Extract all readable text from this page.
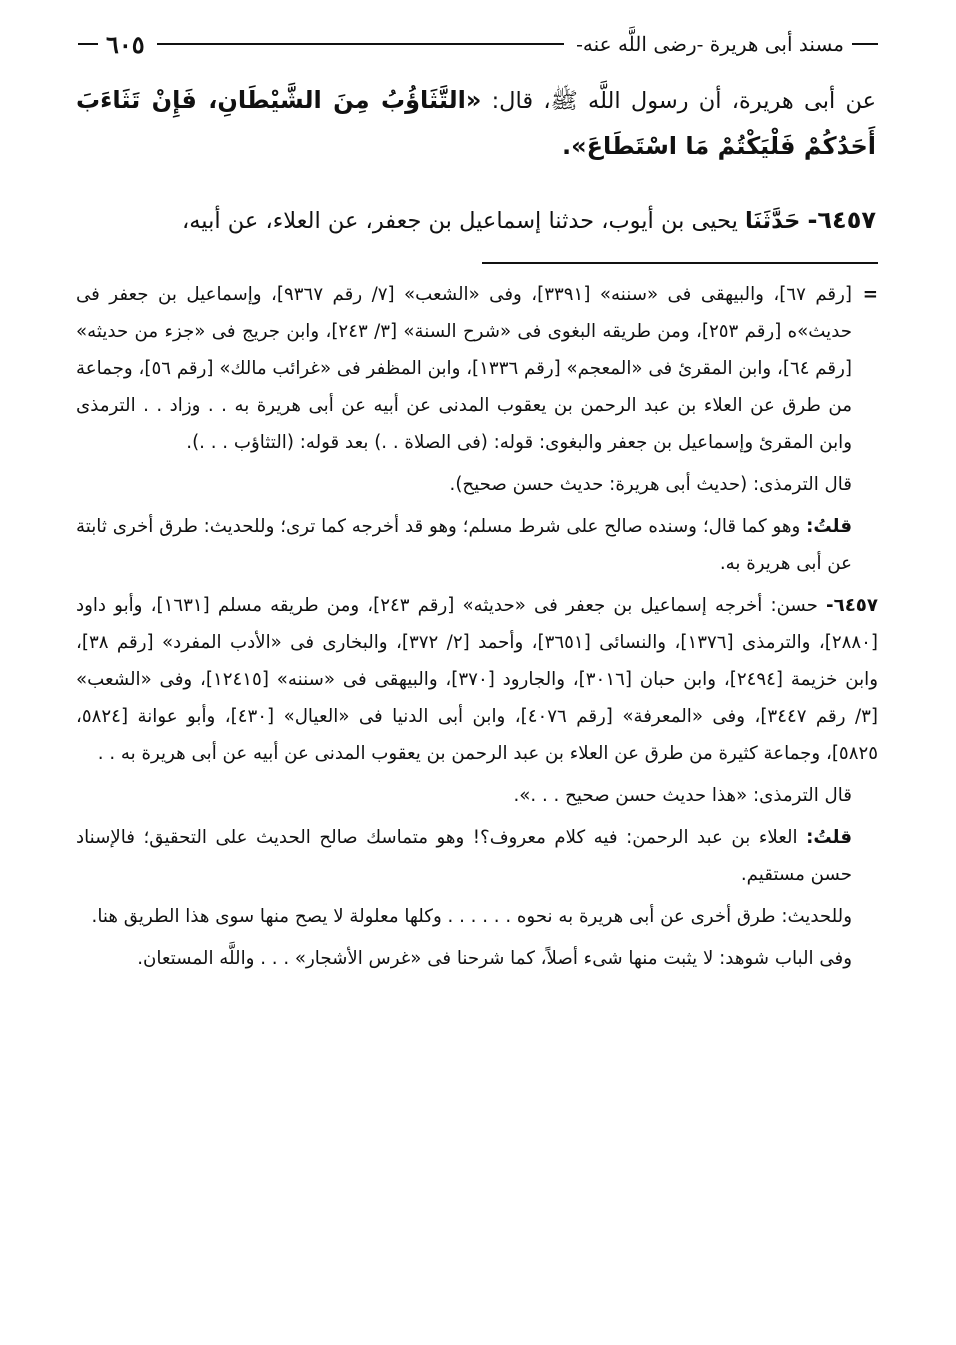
مسند أبى هريرة -رضى اللَّه عنه-
٦٠٥
عن أبى هريرة، أن رسول اللَّه ﷺ، قال: «التَّثَاؤُبُ مِنَ الشَّيْطَانِ، فَإِنْ تَثَاءَبَ أَحَدُكُمْ فَلْيَكْتُمْ مَا اسْتَطَاعَ».
٦٤٥٧- حَدَّثَنَا يحيى بن أيوب، حدثنا إسماعيل بن جعفر، عن العلاء، عن أبيه،

=
[رقم ٦٧]، والبيهقى فى «سننه» [٣٣٩١]، وفى «الشعب» [٧/ رقم ٩٣٦٧]، وإسماعيل بن جعفر فى حديث»ه [رقم ٢٥٣]، ومن طريقه البغوى فى «شرح السنة» [٣/ ٢٤٣]، وابن جريج فى «جزء من حديثه» [رقم ٦٤]، وابن المقرئ فى «المعجم» [رقم ١٣٣٦]، وابن المظفر فى «غرائب مالك» [رقم ٥٦]، وجماعة من طرق عن العلاء بن عبد الرحمن بن يعقوب المدنى عن أبيه عن أبى هريرة به . . وزاد . . الترمذى وابن المقرئ وإسماعيل بن جعفر والبغوى: قوله: (فى الصلاة . .) بعد قوله: (التثاؤب . . .).

قال الترمذى: (حديث أبى هريرة: حديث حسن صحيح).

قلتُ: وهو كما قال؛ وسنده صالح على شرط مسلم؛ وهو قد أخرجه كما ترى؛ وللحديث: طرق أخرى ثابتة عن أبى هريرة به.

٦٤٥٧- حسن: أخرجه إسماعيل بن جعفر فى «حديثه» [رقم ٢٤٣]، ومن طريقه مسلم [١٦٣١]، وأبو داود [٢٨٨٠]، والترمذى [١٣٧٦]، والنسائى [٣٦٥١]، وأحمد [٢/ ٣٧٢]، والبخارى فى «الأدب المفرد» [رقم ٣٨]، وابن خزيمة [٢٤٩٤]، وابن حبان [٣٠١٦]، والجارود [٣٧٠]، والبيهقى فى «سننه» [١٢٤١٥]، وفى «الشعب» [٣/ رقم ٣٤٤٧]، وفى «المعرفة» [رقم ٤٠٧٦]، وابن أبى الدنيا فى «العيال» [٤٣٠]، وأبو عوانة [٥٨٢٤، ٥٨٢٥]، وجماعة كثيرة من طرق عن العلاء بن عبد الرحمن بن يعقوب المدنى عن أبيه عن أبى هريرة به . .

قال الترمذى: «هذا حديث حسن صحيح . . .».

قلتُ: العلاء بن عبد الرحمن: فيه كلام معروف؟! وهو متماسك صالح الحديث على التحقيق؛ فالإسناد حسن مستقيم.

وللحديث: طرق أخرى عن أبى هريرة به نحوه . . . . . . وكلها معلولة لا يصح منها سوى هذا الطريق هنا.

وفى الباب شوهد: لا يثبت منها شىء أصلاً، كما شرحنا فى «غرس الأشجار» . . . واللَّه المستعان.
